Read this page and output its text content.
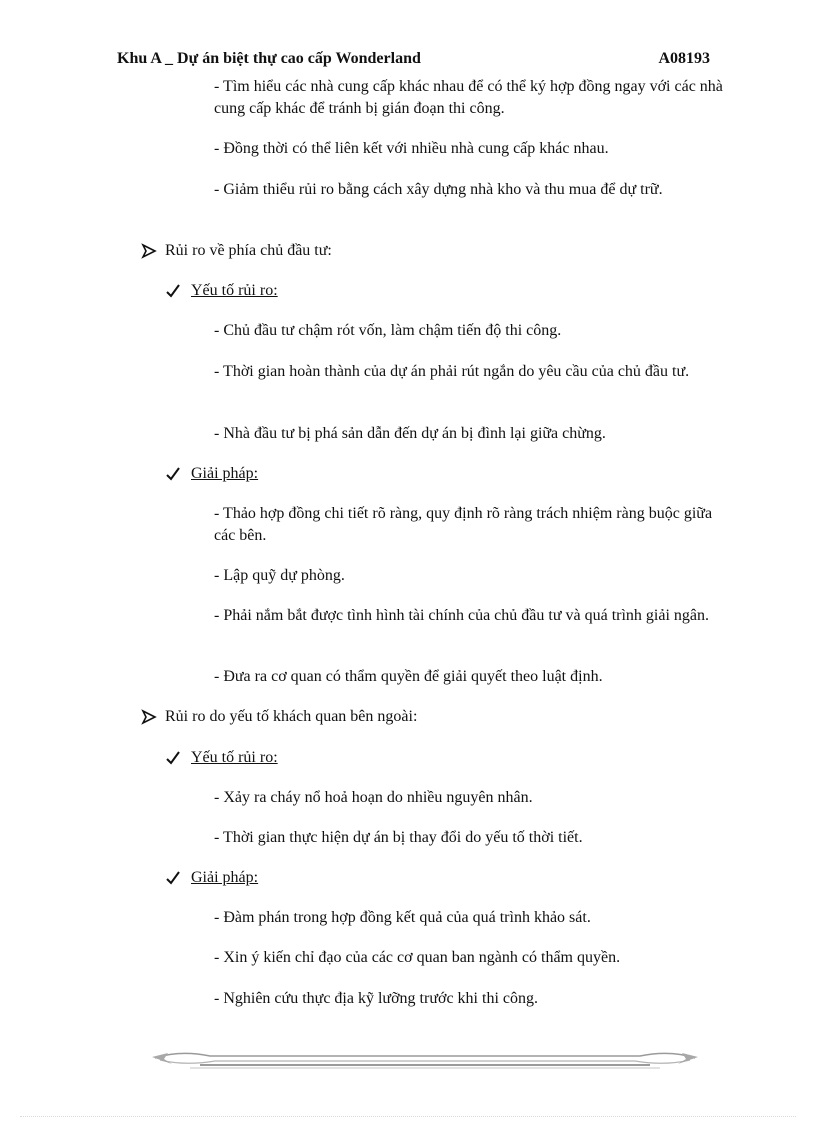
Khu A _ Dự án biệt thự cao cấp Wonderland	A08193

- Tìm hiểu các nhà cung cấp khác nhau để có thể ký hợp đồng ngay với các nhà cung cấp khác để tránh bị gián đoạn thi công.

- Đồng thời có thể liên kết với nhiều nhà cung cấp khác nhau.

- Giảm thiểu rủi ro bằng cách xây dựng nhà kho và thu mua để dự trữ.

Rủi ro về phía chủ đầu tư:
Yếu tố rủi ro:

- Chủ đầu tư chậm rót vốn, làm chậm tiến độ thi công.

- Thời gian hoàn thành của dự án phải rút ngắn do yêu cầu của chủ đầu tư.

- Nhà đầu tư bị phá sản dẫn đến dự án bị đình lại giữa chừng.

Giải pháp:

- Thảo hợp đồng chi tiết rõ ràng, quy định rõ ràng trách nhiệm ràng buộc giữa các bên.

- Lập quỹ dự phòng.

- Phải nắm bắt được tình hình tài chính của chủ đầu tư và quá trình giải ngân.

- Đưa ra cơ quan có thẩm quyền để giải quyết theo luật định.

Rủi ro do yếu tố khách quan bên ngoài:
Yếu tố rủi ro:

- Xảy ra cháy nổ hoả hoạn do nhiều nguyên nhân.

- Thời gian thực hiện dự án bị thay đổi do yếu tố thời tiết.

Giải pháp:

- Đàm phán trong hợp đồng kết quả của quá trình khảo sát.

- Xin ý kiến chỉ đạo của các cơ quan ban ngành có thẩm quyền.

- Nghiên cứu thực địa kỹ lưỡng trước khi thi công.
